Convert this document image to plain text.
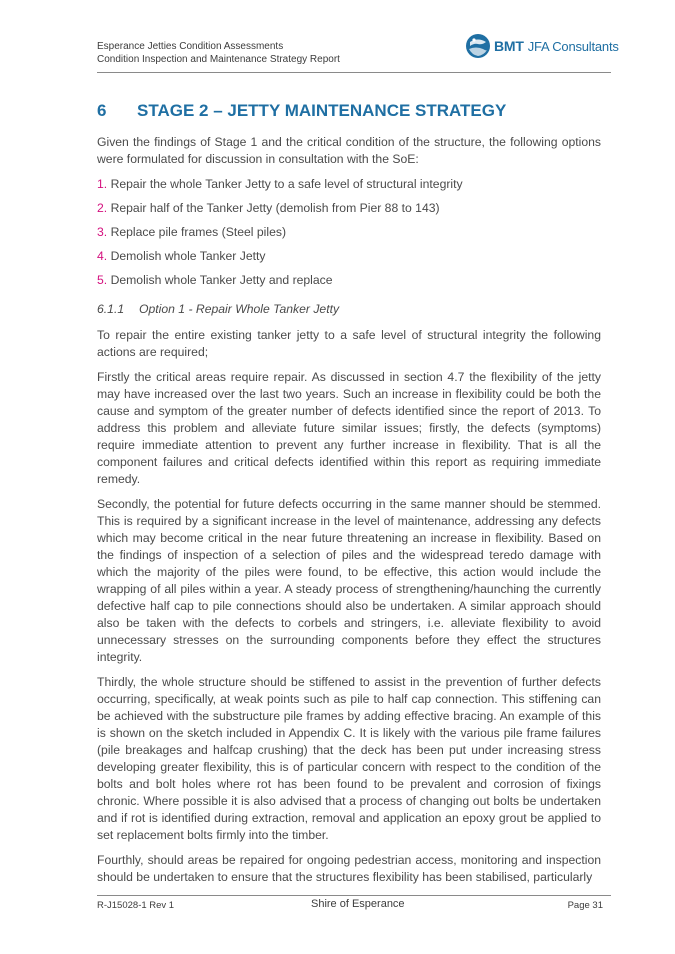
Esperance Jetties Condition Assessments
Condition Inspection and Maintenance Strategy Report
BMT JFA Consultants
6 STAGE 2 – JETTY MAINTENANCE STRATEGY

Given the findings of Stage 1 and the critical condition of the structure, the following options were formulated for discussion in consultation with the SoE:

1. Repair the whole Tanker Jetty to a safe level of structural integrity
2. Repair half of the Tanker Jetty (demolish from Pier 88 to 143)
3. Replace pile frames (Steel piles)
4. Demolish whole Tanker Jetty
5. Demolish whole Tanker Jetty and replace
6.1.1 Option 1 - Repair Whole Tanker Jetty

To repair the entire existing tanker jetty to a safe level of structural integrity the following actions are required;

Firstly the critical areas require repair. As discussed in section 4.7 the flexibility of the jetty may have increased over the last two years. Such an increase in flexibility could be both the cause and symptom of the greater number of defects identified since the report of 2013. To address this problem and alleviate future similar issues; firstly, the defects (symptoms) require immediate attention to prevent any further increase in flexibility. That is all the component failures and critical defects identified within this report as requiring immediate remedy.

Secondly, the potential for future defects occurring in the same manner should be stemmed. This is required by a significant increase in the level of maintenance, addressing any defects which may become critical in the near future threatening an increase in flexibility. Based on the findings of inspection of a selection of piles and the widespread teredo damage with which the majority of the piles were found, to be effective, this action would include the wrapping of all piles within a year. A steady process of strengthening/haunching the currently defective half cap to pile connections should also be undertaken. A similar approach should also be taken with the defects to corbels and stringers, i.e. alleviate flexibility to avoid unnecessary stresses on the surrounding components before they effect the structures integrity.

Thirdly, the whole structure should be stiffened to assist in the prevention of further defects occurring, specifically, at weak points such as pile to half cap connection. This stiffening can be achieved with the substructure pile frames by adding effective bracing. An example of this is shown on the sketch included in Appendix C. It is likely with the various pile frame failures (pile breakages and halfcap crushing) that the deck has been put under increasing stress developing greater flexibility, this is of particular concern with respect to the condition of the bolts and bolt holes where rot has been found to be prevalent and corrosion of fixings chronic. Where possible it is also advised that a process of changing out bolts be undertaken and if rot is identified during extraction, removal and application an epoxy grout be applied to set replacement bolts firmly into the timber.

Fourthly, should areas be repaired for ongoing pedestrian access, monitoring and inspection should be undertaken to ensure that the structures flexibility has been stabilised, particularly

R-J15028-1 Rev 1	Shire of Esperance	Page 31
